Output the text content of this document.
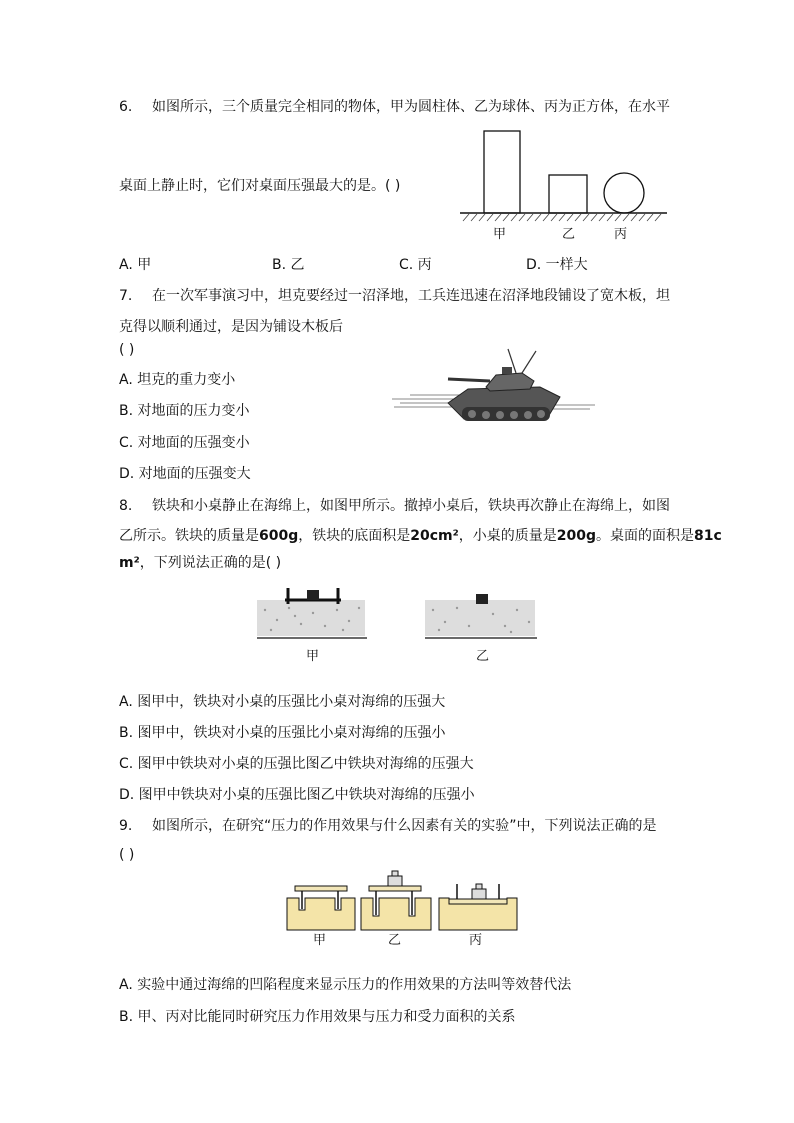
6. 如图所示，三个质量完全相同的物体，甲为圆柱体、乙为球体、丙为正方体，在水平
桌面上静止时，它们对桌面压强最大的是。( )
甲	乙	丙
A. 甲	B. 乙	C. 丙	D. 一样大
7. 在一次军事演习中，坦克要经过一沼泽地，工兵连迅速在沼泽地段铺设了宽木板，坦
克得以顺利通过，是因为铺设木板后
( )
A. 坦克的重力变小
B. 对地面的压力变小
C. 对地面的压强变小
D. 对地面的压强变大
8. 铁块和小桌静止在海绵上，如图甲所示。撤掉小桌后，铁块再次静止在海绵上，如图
乙所示。铁块的质量是600g，铁块的底面积是20cm²，小桌的质量是200g。桌面的面积是81c
m²，下列说法正确的是( )
甲	乙
A. 图甲中，铁块对小桌的压强比小桌对海绵的压强大
B. 图甲中，铁块对小桌的压强比小桌对海绵的压强小
C. 图甲中铁块对小桌的压强比图乙中铁块对海绵的压强大
D. 图甲中铁块对小桌的压强比图乙中铁块对海绵的压强小
9. 如图所示，在研究“压力的作用效果与什么因素有关的实验”中，下列说法正确的是
( )
甲	乙	丙
A. 实验中通过海绵的凹陷程度来显示压力的作用效果的方法叫等效替代法
B. 甲、丙对比能同时研究压力作用效果与压力和受力面积的关系
